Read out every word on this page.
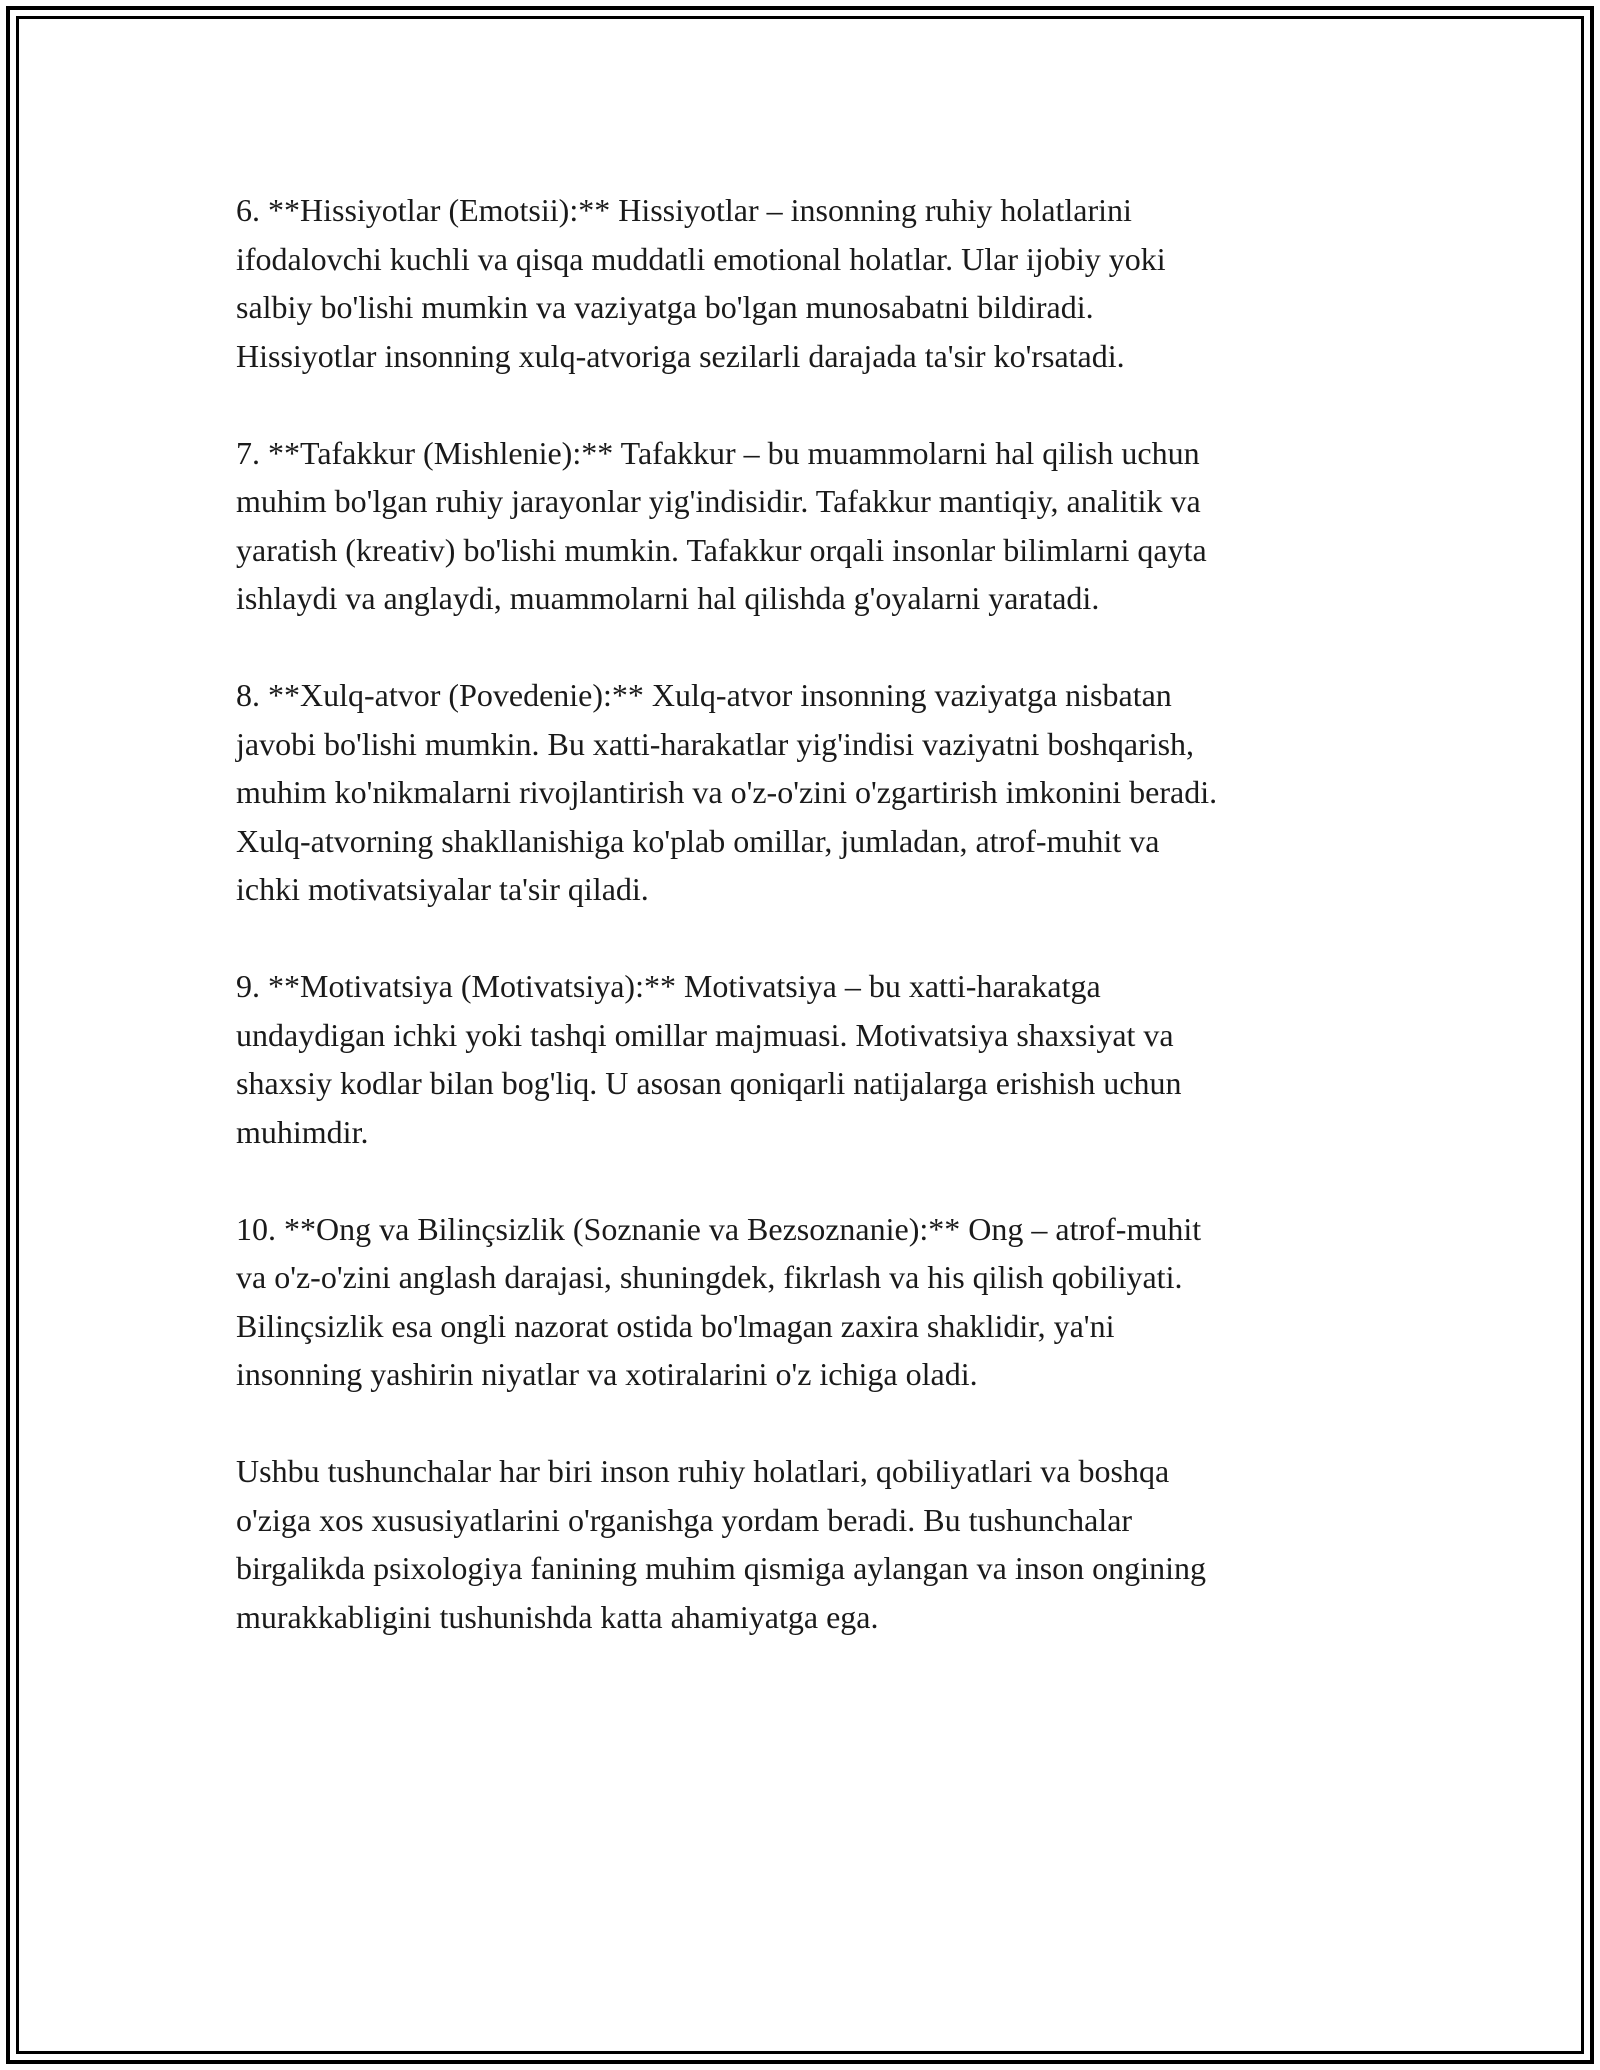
6. **Hissiyotlar (Emotsii):** Hissiyotlar – insonning ruhiy holatlarini
ifodalovchi kuchli va qisqa muddatli emotional holatlar. Ular ijobiy yoki
salbiy bo'lishi mumkin va vaziyatga bo'lgan munosabatni bildiradi.
Hissiyotlar insonning xulq-atvoriga sezilarli darajada ta'sir ko'rsatadi.

7. **Tafakkur (Mishlenie):** Tafakkur – bu muammolarni hal qilish uchun
muhim bo'lgan ruhiy jarayonlar yig'indisidir. Tafakkur mantiqiy, analitik va
yaratish (kreativ) bo'lishi mumkin. Tafakkur orqali insonlar bilimlarni qayta
ishlaydi va anglaydi, muammolarni hal qilishda g'oyalarni yaratadi.

8. **Xulq-atvor (Povedenie):** Xulq-atvor insonning vaziyatga nisbatan
javobi bo'lishi mumkin. Bu xatti-harakatlar yig'indisi vaziyatni boshqarish,
muhim ko'nikmalarni rivojlantirish va o'z-o'zini o'zgartirish imkonini beradi.
Xulq-atvorning shakllanishiga ko'plab omillar, jumladan, atrof-muhit va
ichki motivatsiyalar ta'sir qiladi.

9. **Motivatsiya (Motivatsiya):** Motivatsiya – bu xatti-harakatga
undaydigan ichki yoki tashqi omillar majmuasi. Motivatsiya shaxsiyat va
shaxsiy kodlar bilan bog'liq. U asosan qoniqarli natijalarga erishish uchun
muhimdir.

10. **Ong va Bilinçsizlik (Soznanie va Bezsoznanie):** Ong – atrof-muhit
va o'z-o'zini anglash darajasi, shuningdek, fikrlash va his qilish qobiliyati.
Bilinçsizlik esa ongli nazorat ostida bo'lmagan zaxira shaklidir, ya'ni
insonning yashirin niyatlar va xotiralarini o'z ichiga oladi.

Ushbu tushunchalar har biri inson ruhiy holatlari, qobiliyatlari va boshqa
o'ziga xos xususiyatlarini o'rganishga yordam beradi. Bu tushunchalar
birgalikda psixologiya fanining muhim qismiga aylangan va inson ongining
murakkabligini tushunishda katta ahamiyatga ega.
